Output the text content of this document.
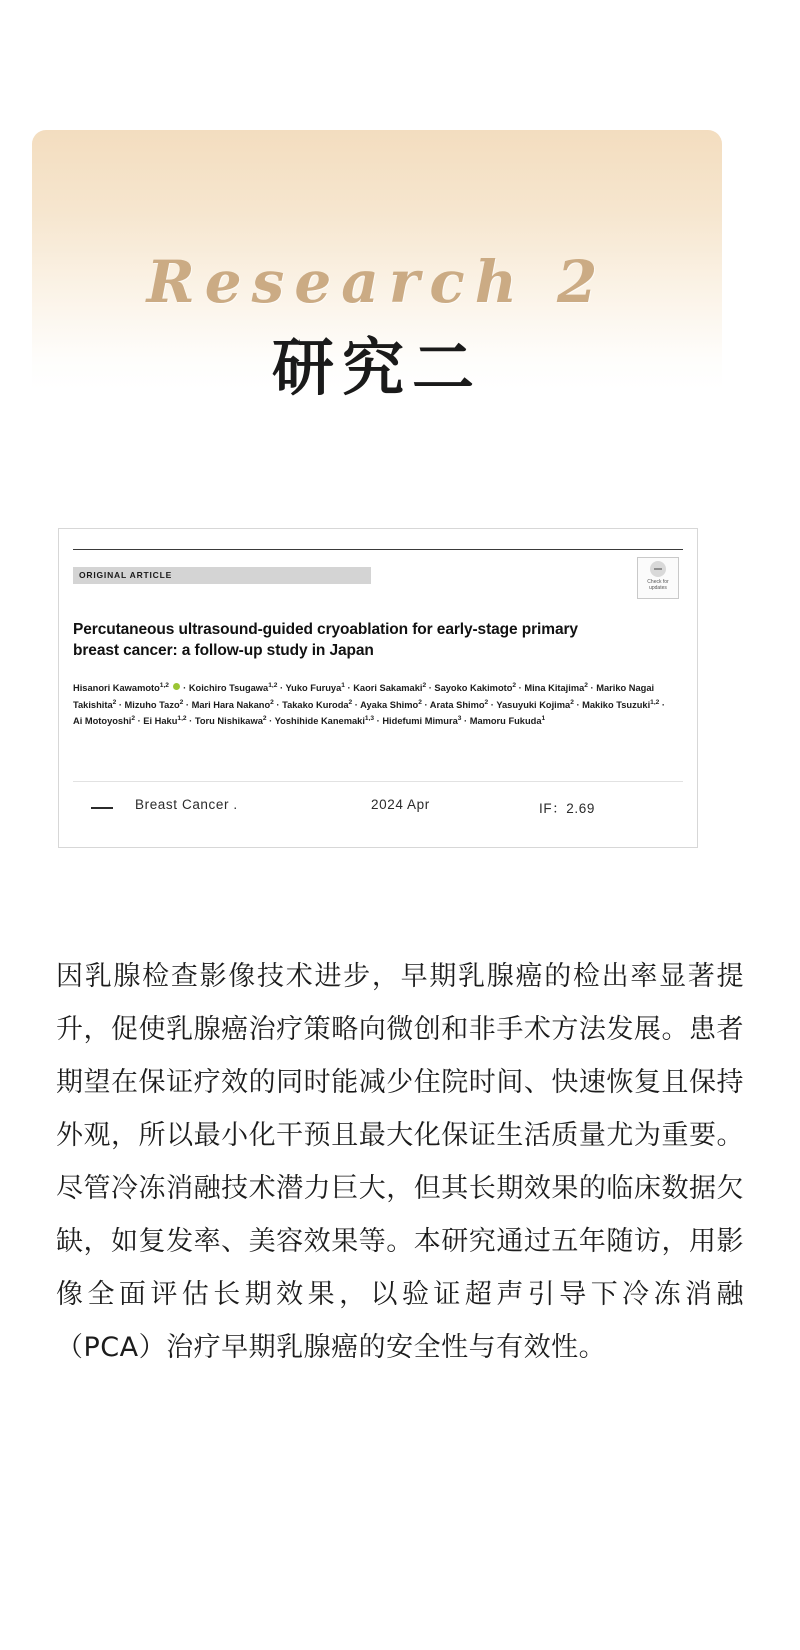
Research 2
研究二
ORIGINAL ARTICLE
Check for updates
Percutaneous ultrasound-guided cryoablation for early-stage primary breast cancer: a follow-up study in Japan
Hisanori Kawamoto$^{1,2}$  · Koichiro Tsugawa$^{1,2}$ · Yuko Furuya$^1$ · Kaori Sakamaki$^2$ · Sayoko Kakimoto$^2$ · Mina Kitajima$^2$ · Mariko Nagai Takishita$^2$ · Mizuho Tazo$^2$ · Mari Hara Nakano$^2$ · Takako Kuroda$^2$ · Ayaka Shimo$^2$ · Arata Shimo$^2$ · Yasuyuki Kojima$^2$ · Makiko Tsuzuki$^{1,2}$ · Ai Motoyoshi$^2$ · Ei Haku$^{1,2}$ · Toru Nishikawa$^2$ · Yoshihide Kanemaki$^{1,3}$ · Hidefumi Mimura$^3$ · Mamoru Fukuda$^1$
Breast Cancer .	2024 Apr	IF：2.69
因乳腺检查影像技术进步，早期乳腺癌的检出率显著提升，促使乳腺癌治疗策略向微创和非手术方法发展。患者期望在保证疗效的同时能减少住院时间、快速恢复且保持外观，所以最小化干预且最大化保证生活质量尤为重要。尽管冷冻消融技术潜力巨大，但其长期效果的临床数据欠缺，如复发率、美容效果等。本研究通过五年随访，用影像全面评估长期效果，以验证超声引导下冷冻消融（PCA）治疗早期乳腺癌的安全性与有效性。
